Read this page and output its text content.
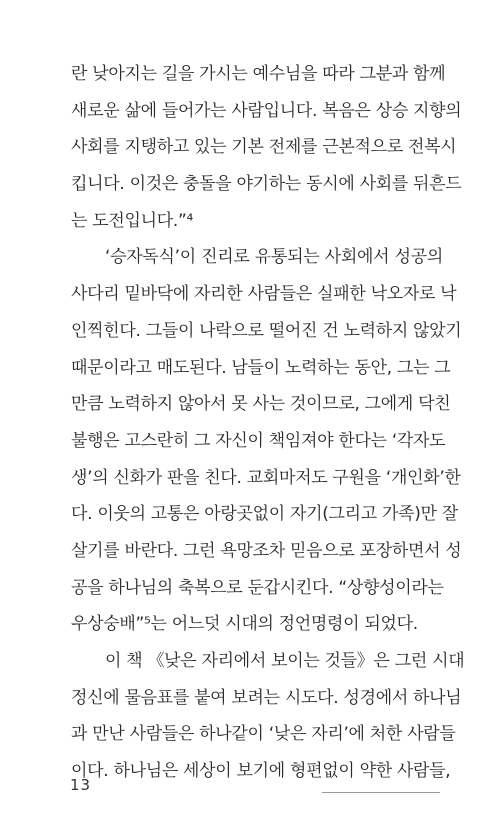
란 낮아지는 길을 가시는 예수님을 따라 그분과 함께
새로운 삶에 들어가는 사람입니다. 복음은 상승 지향의
사회를 지탱하고 있는 기본 전제를 근본적으로 전복시
킵니다. 이것은 충돌을 야기하는 동시에 사회를 뒤흔드
는 도전입니다.”⁴
‘승자독식’이 진리로 유통되는 사회에서 성공의
사다리 밑바닥에 자리한 사람들은 실패한 낙오자로 낙
인찍힌다. 그들이 나락으로 떨어진 건 노력하지 않았기
때문이라고 매도된다. 남들이 노력하는 동안, 그는 그
만큼 노력하지 않아서 못 사는 것이므로, 그에게 닥친
불행은 고스란히 그 자신이 책임져야 한다는 ‘각자도
생’의 신화가 판을 친다. 교회마저도 구원을 ‘개인화’한
다. 이웃의 고통은 아랑곳없이 자기(그리고 가족)만 잘
살기를 바란다. 그런 욕망조차 믿음으로 포장하면서 성
공을 하나님의 축복으로 둔갑시킨다. “상향성이라는
우상숭배”⁵는 어느덧 시대의 정언명령이 되었다.
이 책 《낮은 자리에서 보이는 것들》은 그런 시대
정신에 물음표를 붙여 보려는 시도다. 성경에서 하나님
과 만난 사람들은 하나같이 ‘낮은 자리’에 처한 사람들
이다. 하나님은 세상이 보기에 형편없이 약한 사람들,
13
